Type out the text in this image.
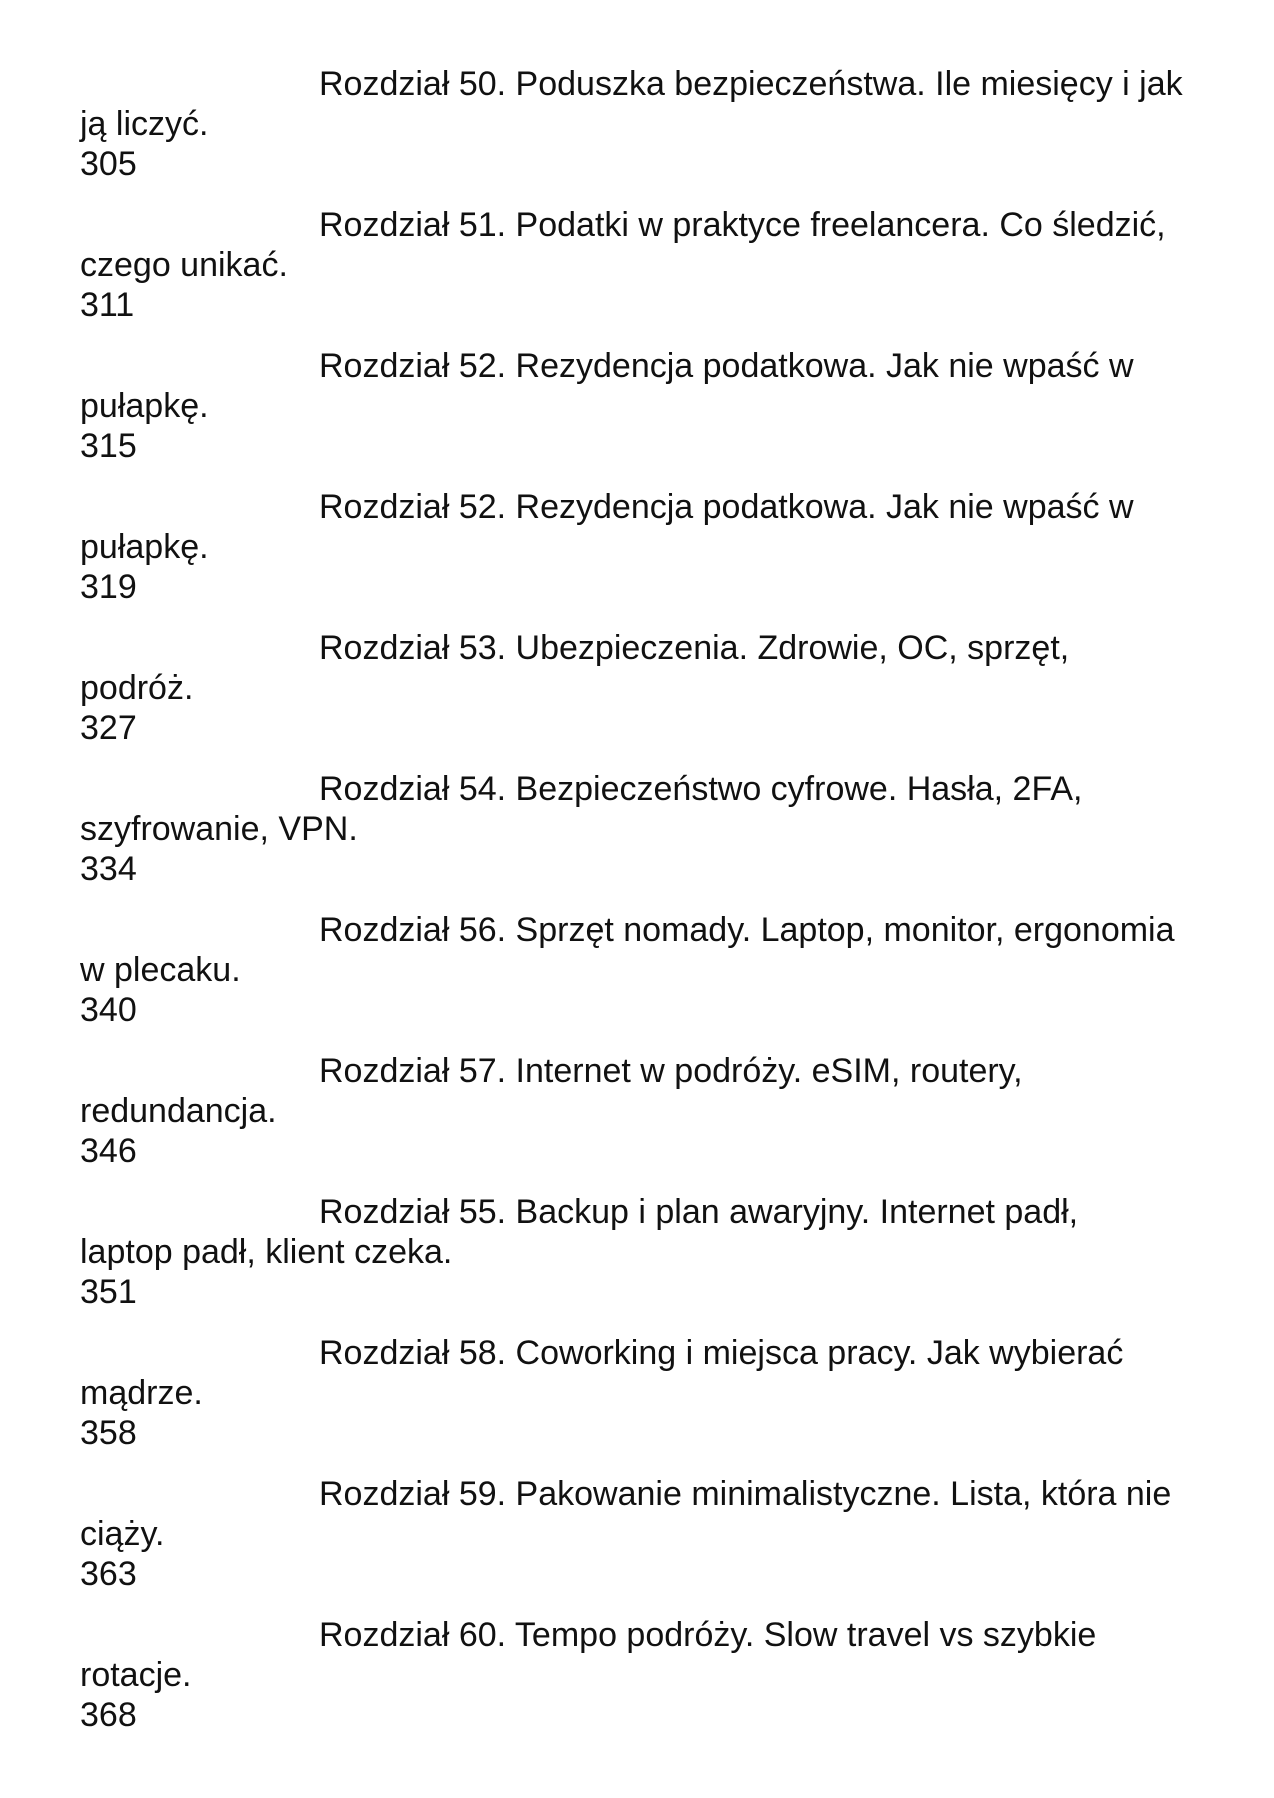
Rozdział 50. Poduszka bezpieczeństwa. Ile miesięcy i jak

ją liczyć.

305

Rozdział 51. Podatki w praktyce freelancera. Co śledzić,

czego unikać.

311

Rozdział 52. Rezydencja podatkowa. Jak nie wpaść w

pułapkę.

315

Rozdział 52. Rezydencja podatkowa. Jak nie wpaść w

pułapkę.

319

Rozdział 53. Ubezpieczenia. Zdrowie, OC, sprzęt,

podróż.

327

Rozdział 54. Bezpieczeństwo cyfrowe. Hasła, 2FA,

szyfrowanie, VPN.

334

Rozdział 56. Sprzęt nomady. Laptop, monitor, ergonomia

w plecaku.

340

Rozdział 57. Internet w podróży. eSIM, routery,

redundancja.

346

Rozdział 55. Backup i plan awaryjny. Internet padł,

laptop padł, klient czeka.

351

Rozdział 58. Coworking i miejsca pracy. Jak wybierać

mądrze.

358

Rozdział 59. Pakowanie minimalistyczne. Lista, która nie

ciąży.

363

Rozdział 60. Tempo podróży. Slow travel vs szybkie

rotacje.

368
